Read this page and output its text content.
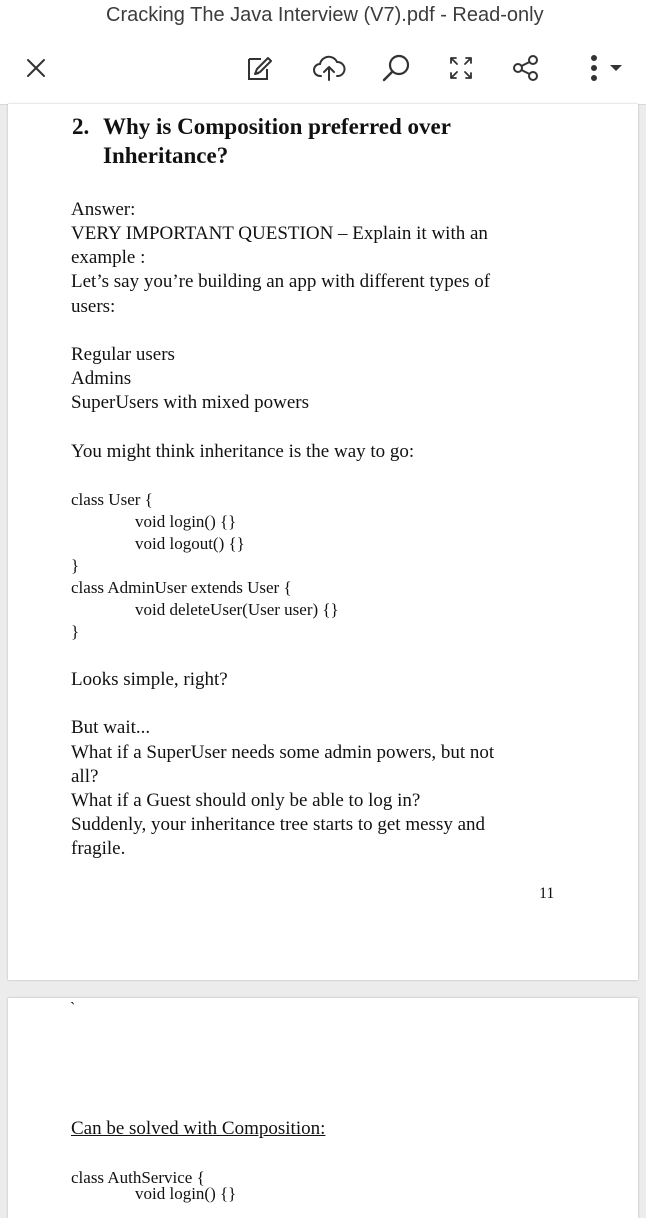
Cracking The Java Interview (V7).pdf - Read-only
2. Why is Composition preferred over
Inheritance?
Answer:
VERY IMPORTANT QUESTION – Explain it with an
example :
Let’s say you’re building an app with different types of
users:
Regular users
Admins
SuperUsers with mixed powers
You might think inheritance is the way to go:
class User {
void login() {}
void logout() {}
}
class AdminUser extends User {
void deleteUser(User user) {}
}
Looks simple, right?
But wait...
What if a SuperUser needs some admin powers, but not
all?
What if a Guest should only be able to log in?
Suddenly, your inheritance tree starts to get messy and
fragile.
11
`
Can be solved with Composition:
class AuthService {
void login() {}
